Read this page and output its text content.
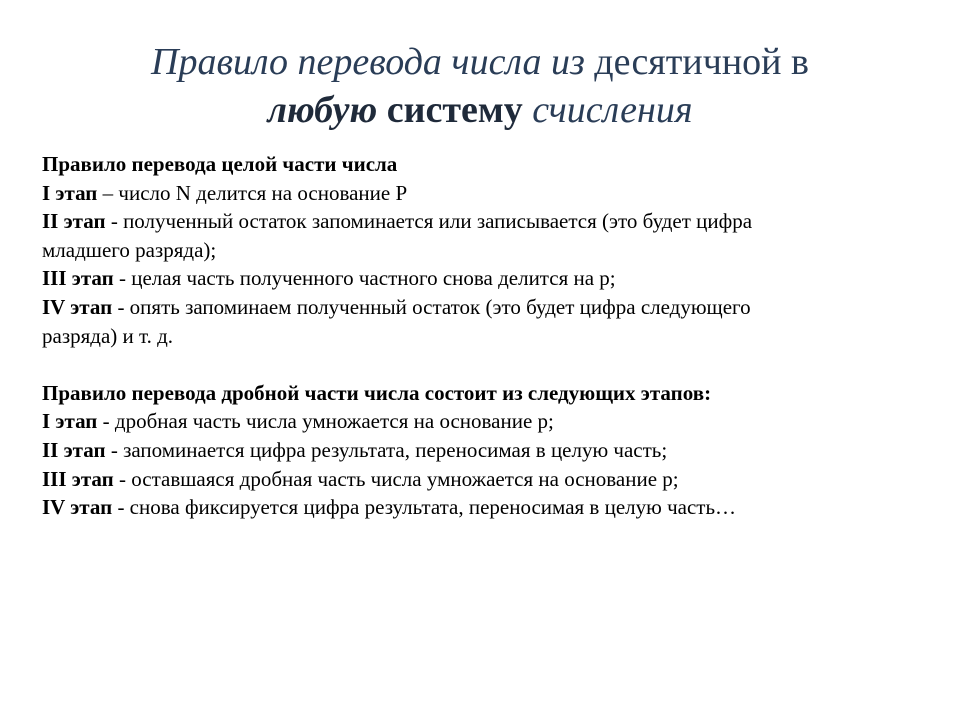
Правило перевода числа из десятичной в
любую систему счисления
Правило перевода целой части числа
I этап – число N делится на основание Р
II этап - полученный остаток запоминается или записывается (это будет цифра
младшего разряда);
III этап - целая часть полученного частного снова делится на р;
IV этап - опять запоминаем полученный остаток (это будет цифра следующего
разряда) и т. д.
Правило перевода дробной части числа состоит из следующих этапов:
I этап - дробная часть числа умножается на основание р;
II этап - запоминается цифра результата, переносимая в целую часть;
III этап - оставшаяся дробная часть числа умножается на основание р;
IV этап - снова фиксируется цифра результата, переносимая в целую часть…
